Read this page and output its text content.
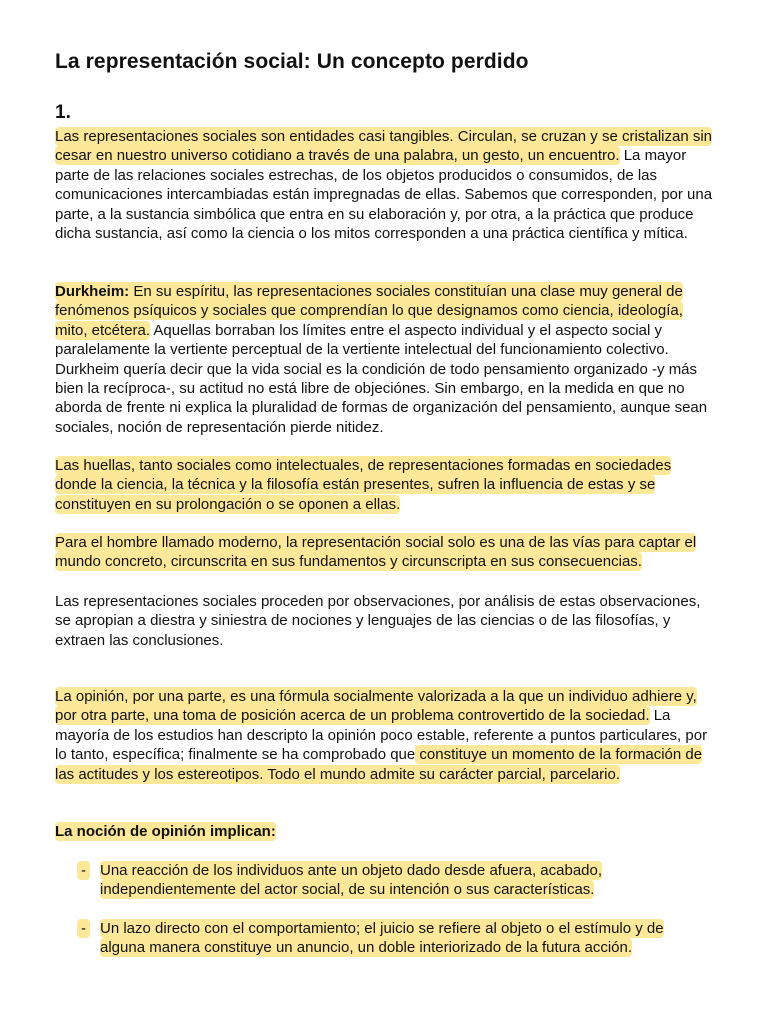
La representación social: Un concepto perdido
1.

Las representaciones sociales son entidades casi tangibles. Circulan, se cruzan y se cristalizan sin cesar en nuestro universo cotidiano a través de una palabra, un gesto, un encuentro. La mayor parte de las relaciones sociales estrechas, de los objetos producidos o consumidos, de las comunicaciones intercambiadas están impregnadas de ellas. Sabemos que corresponden, por una parte, a la sustancia simbólica que entra en su elaboración y, por otra, a la práctica que produce dicha sustancia, así como la ciencia o los mitos corresponden a una práctica científica y mítica.

Durkheim: En su espíritu, las representaciones sociales constituían una clase muy general de fenómenos psíquicos y sociales que comprendían lo que designamos como ciencia, ideología, mito, etcétera. Aquellas borraban los límites entre el aspecto individual y el aspecto social y paralelamente la vertiente perceptual de la vertiente intelectual del funcionamiento colectivo. Durkheim quería decir que la vida social es la condición de todo pensamiento organizado -y más bien la recíproca-, su actitud no está libre de objeciónes. Sin embargo, en la medida en que no aborda de frente ni explica la pluralidad de formas de organización del pensamiento, aunque sean sociales, noción de representación pierde nitidez.

Las huellas, tanto sociales como intelectuales, de representaciones formadas en sociedades donde la ciencia, la técnica y la filosofía están presentes, sufren la influencia de estas y se constituyen en su prolongación o se oponen a ellas.

Para el hombre llamado moderno, la representación social solo es una de las vías para captar el mundo concreto, circunscrita en sus fundamentos y circunscripta en sus consecuencias.

Las representaciones sociales proceden por observaciones, por análisis de estas observaciones, se apropian a diestra y siniestra de nociones y lenguajes de las ciencias o de las filosofías, y extraen las conclusiones.

La opinión, por una parte, es una fórmula socialmente valorizada a la que un individuo adhiere y, por otra parte, una toma de posición acerca de un problema controvertido de la sociedad. La mayoría de los estudios han descripto la opinión poco estable, referente a puntos particulares, por lo tanto, específica; finalmente se ha comprobado que constituye un momento de la formación de las actitudes y los estereotipos. Todo el mundo admite su carácter parcial, parcelario.

La noción de opinión implican:

- Una reacción de los individuos ante un objeto dado desde afuera, acabado, independientemente del actor social, de su intención o sus características.
- Un lazo directo con el comportamiento; el juicio se refiere al objeto o el estímulo y de alguna manera constituye un anuncio, un doble interiorizado de la futura acción.
